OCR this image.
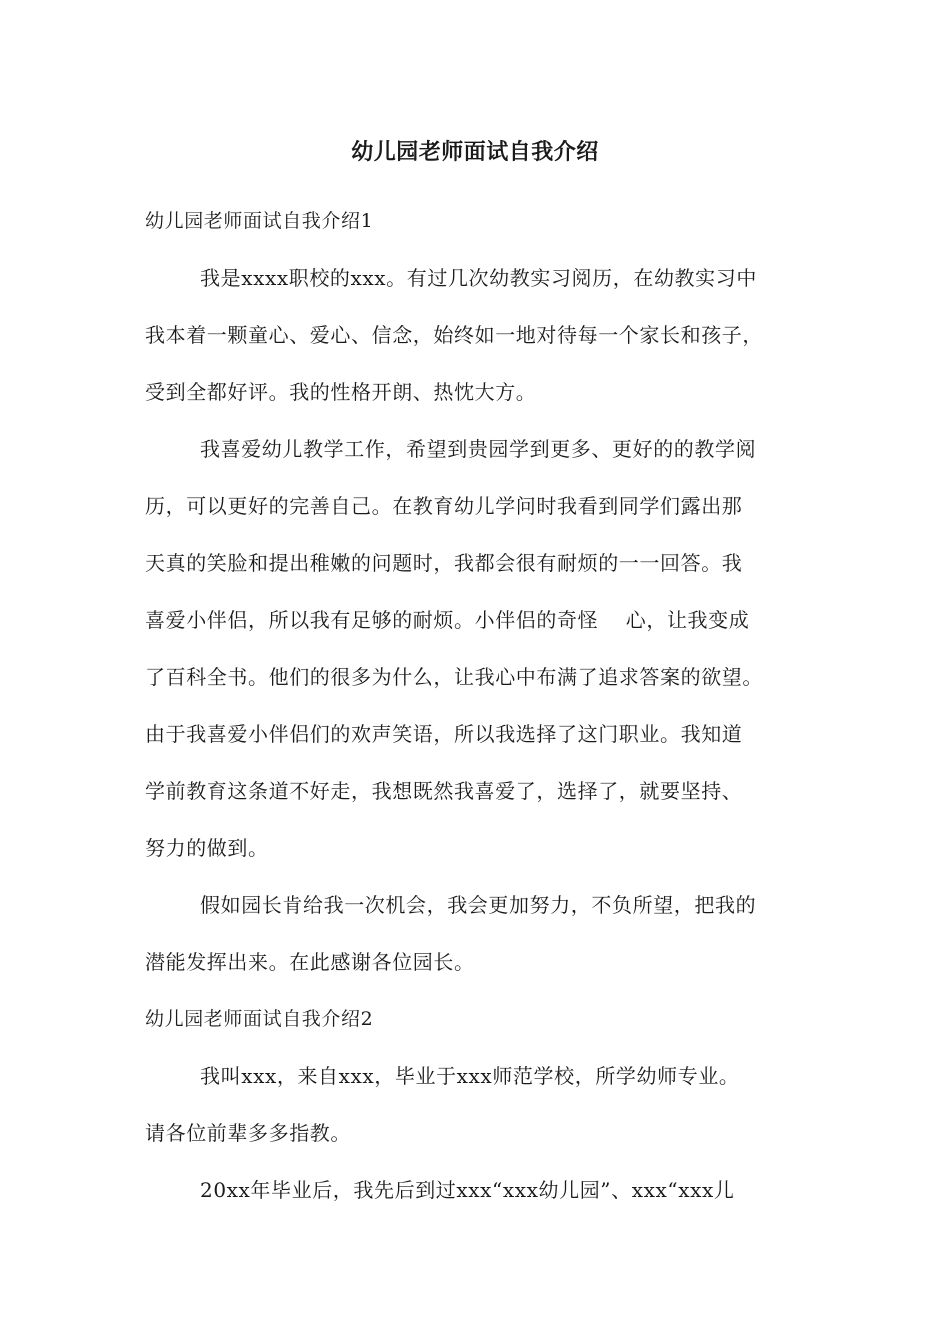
幼儿园老师面试自我介绍
幼儿园老师面试自我介绍1
我是xxxx职校的xxx。有过几次幼教实习阅历，在幼教实习中
我本着一颗童心、爱心、信念，始终如一地对待每一个家长和孩子，
受到全都好评。我的性格开朗、热忱大方。
我喜爱幼儿教学工作，希望到贵园学到更多、更好的的教学阅
历，可以更好的完善自己。在教育幼儿学问时我看到同学们露出那
天真的笑脸和提出稚嫩的问题时，我都会很有耐烦的一一回答。我
喜爱小伴侣，所以我有足够的耐烦。小伴侣的奇怪　 心，让我变成
了百科全书。他们的很多为什么，让我心中布满了追求答案的欲望。
由于我喜爱小伴侣们的欢声笑语，所以我选择了这门职业。我知道
学前教育这条道不好走，我想既然我喜爱了，选择了，就要坚持、
努力的做到。
假如园长肯给我一次机会，我会更加努力，不负所望，把我的
潜能发挥出来。在此感谢各位园长。
幼儿园老师面试自我介绍2
我叫xxx，来自xxx，毕业于xxx师范学校，所学幼师专业。
请各位前辈多多指教。
20xx年毕业后，我先后到过xxx“xxx幼儿园”、xxx“xxx儿
